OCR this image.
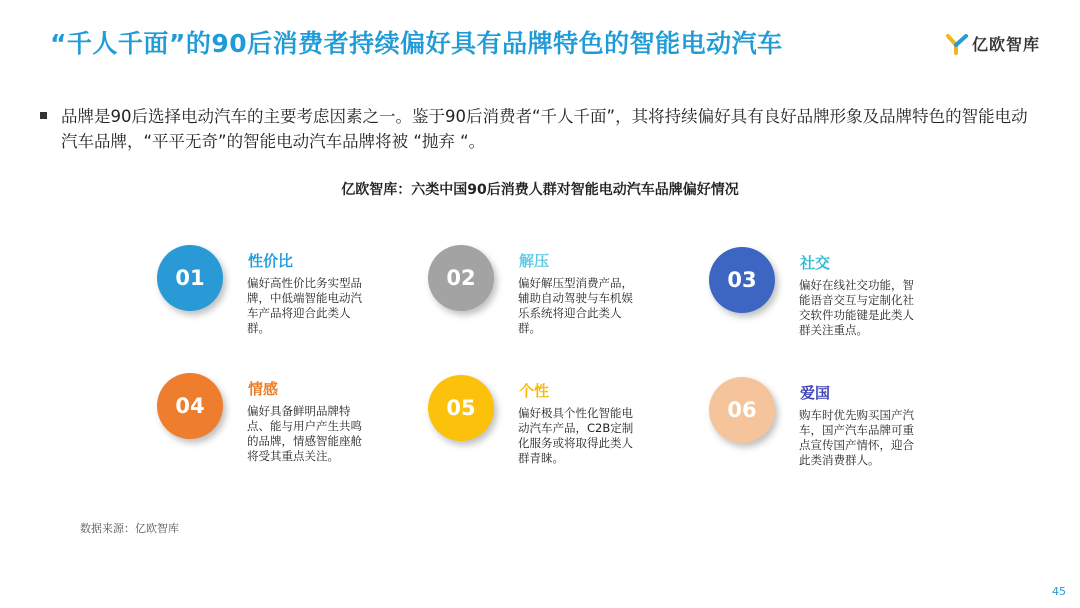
“千人千面”的90后消费者持续偏好具有品牌特色的智能电动汽车	亿欧智库
品牌是90后选择电动汽车的主要考虑因素之一。鉴于90后消费者“千人千面”，其将持续偏好具有良好品牌形象及品牌特色的智能电动汽车品牌，“平平无奇”的智能电动汽车品牌将被 “抛弃 “。
亿欧智库：六类中国90后消费人群对智能电动汽车品牌偏好情况
01
性价比
偏好高性价比务实型品牌，中低端智能电动汽车产品将迎合此类人群。
02
解压
偏好解压型消费产品，辅助自动驾驶与车机娱乐系统将迎合此类人群。
03
社交
偏好在线社交功能，智能语音交互与定制化社交软件功能键是此类人群关注重点。
04
情感
偏好具备鲜明品牌特点、能与用户产生共鸣的品牌，情感智能座舱将受其重点关注。
05
个性
偏好极具个性化智能电动汽车产品，C2B定制化服务或将取得此类人群青睐。
06
爱国
购车时优先购买国产汽车，国产汽车品牌可重点宣传国产情怀，迎合此类消费群人。
数据来源：亿欧智库
45
